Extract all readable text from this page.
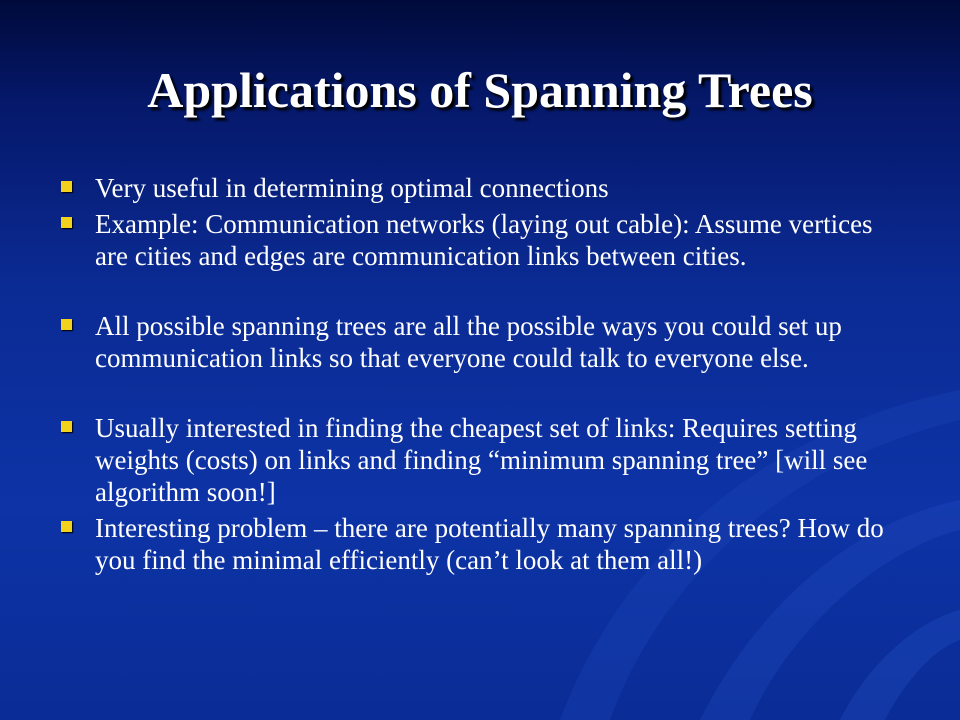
Applications of Spanning Trees
Very useful in determining optimal connections
Example: Communication networks (laying out cable): Assume vertices are cities and edges are communication links between cities.
All possible spanning trees are all the possible ways you could set up communication links so that everyone could talk to everyone else.
Usually interested in finding the cheapest set of links: Requires setting weights (costs) on links and finding “minimum spanning tree” [will see algorithm soon!]
Interesting problem – there are potentially many spanning trees? How do you find the minimal efficiently (can’t look at them all!)
